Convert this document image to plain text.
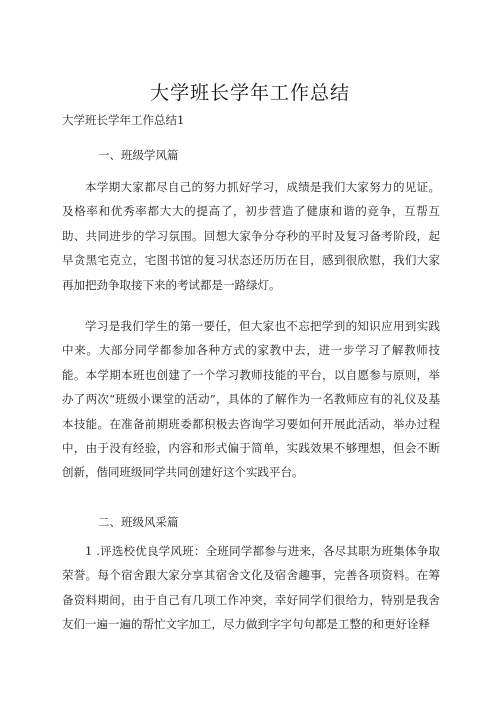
大学班长学年工作总结
大学班长学年工作总结1
一、班级学风篇

本学期大家都尽自己的努力抓好学习，成绩是我们大家努力的见证。及格率和优秀率都大大的提高了，初步营造了健康和谐的竞争，互帮互助、共同进步的学习氛围。回想大家争分夺秒的平时及复习备考阶段，起早贪黑宅克立，宅图书馆的复习状态还历历在目，感到很欣慰，我们大家再加把劲争取接下来的考试都是一路绿灯。

学习是我们学生的第一要任，但大家也不忘把学到的知识应用到实践中来。大部分同学都参加各种方式的家教中去，进一步学习了解教师技能。本学期本班也创建了一个学习教师技能的平台，以自愿参与原则，举办了两次“班级小课堂的活动”，具体的了解作为一名教师应有的礼仪及基本技能。在准备前期班委都积极去咨询学习要如何开展此活动，举办过程中，由于没有经验，内容和形式偏于简单，实践效果不够理想，但会不断创新，偕同班级同学共同创建好这个实践平台。

二、班级风采篇

1 .评选校优良学风班：全班同学都参与进来，各尽其职为班集体争取荣誉。每个宿舍跟大家分享其宿舍文化及宿舍趣事，完善各项资料。在筹备资料期间，由于自己有几项工作冲突，幸好同学们很给力，特别是我舍友们一遍一遍的帮忙文字加工，尽力做到字字句句都是工整的和更好诠释
